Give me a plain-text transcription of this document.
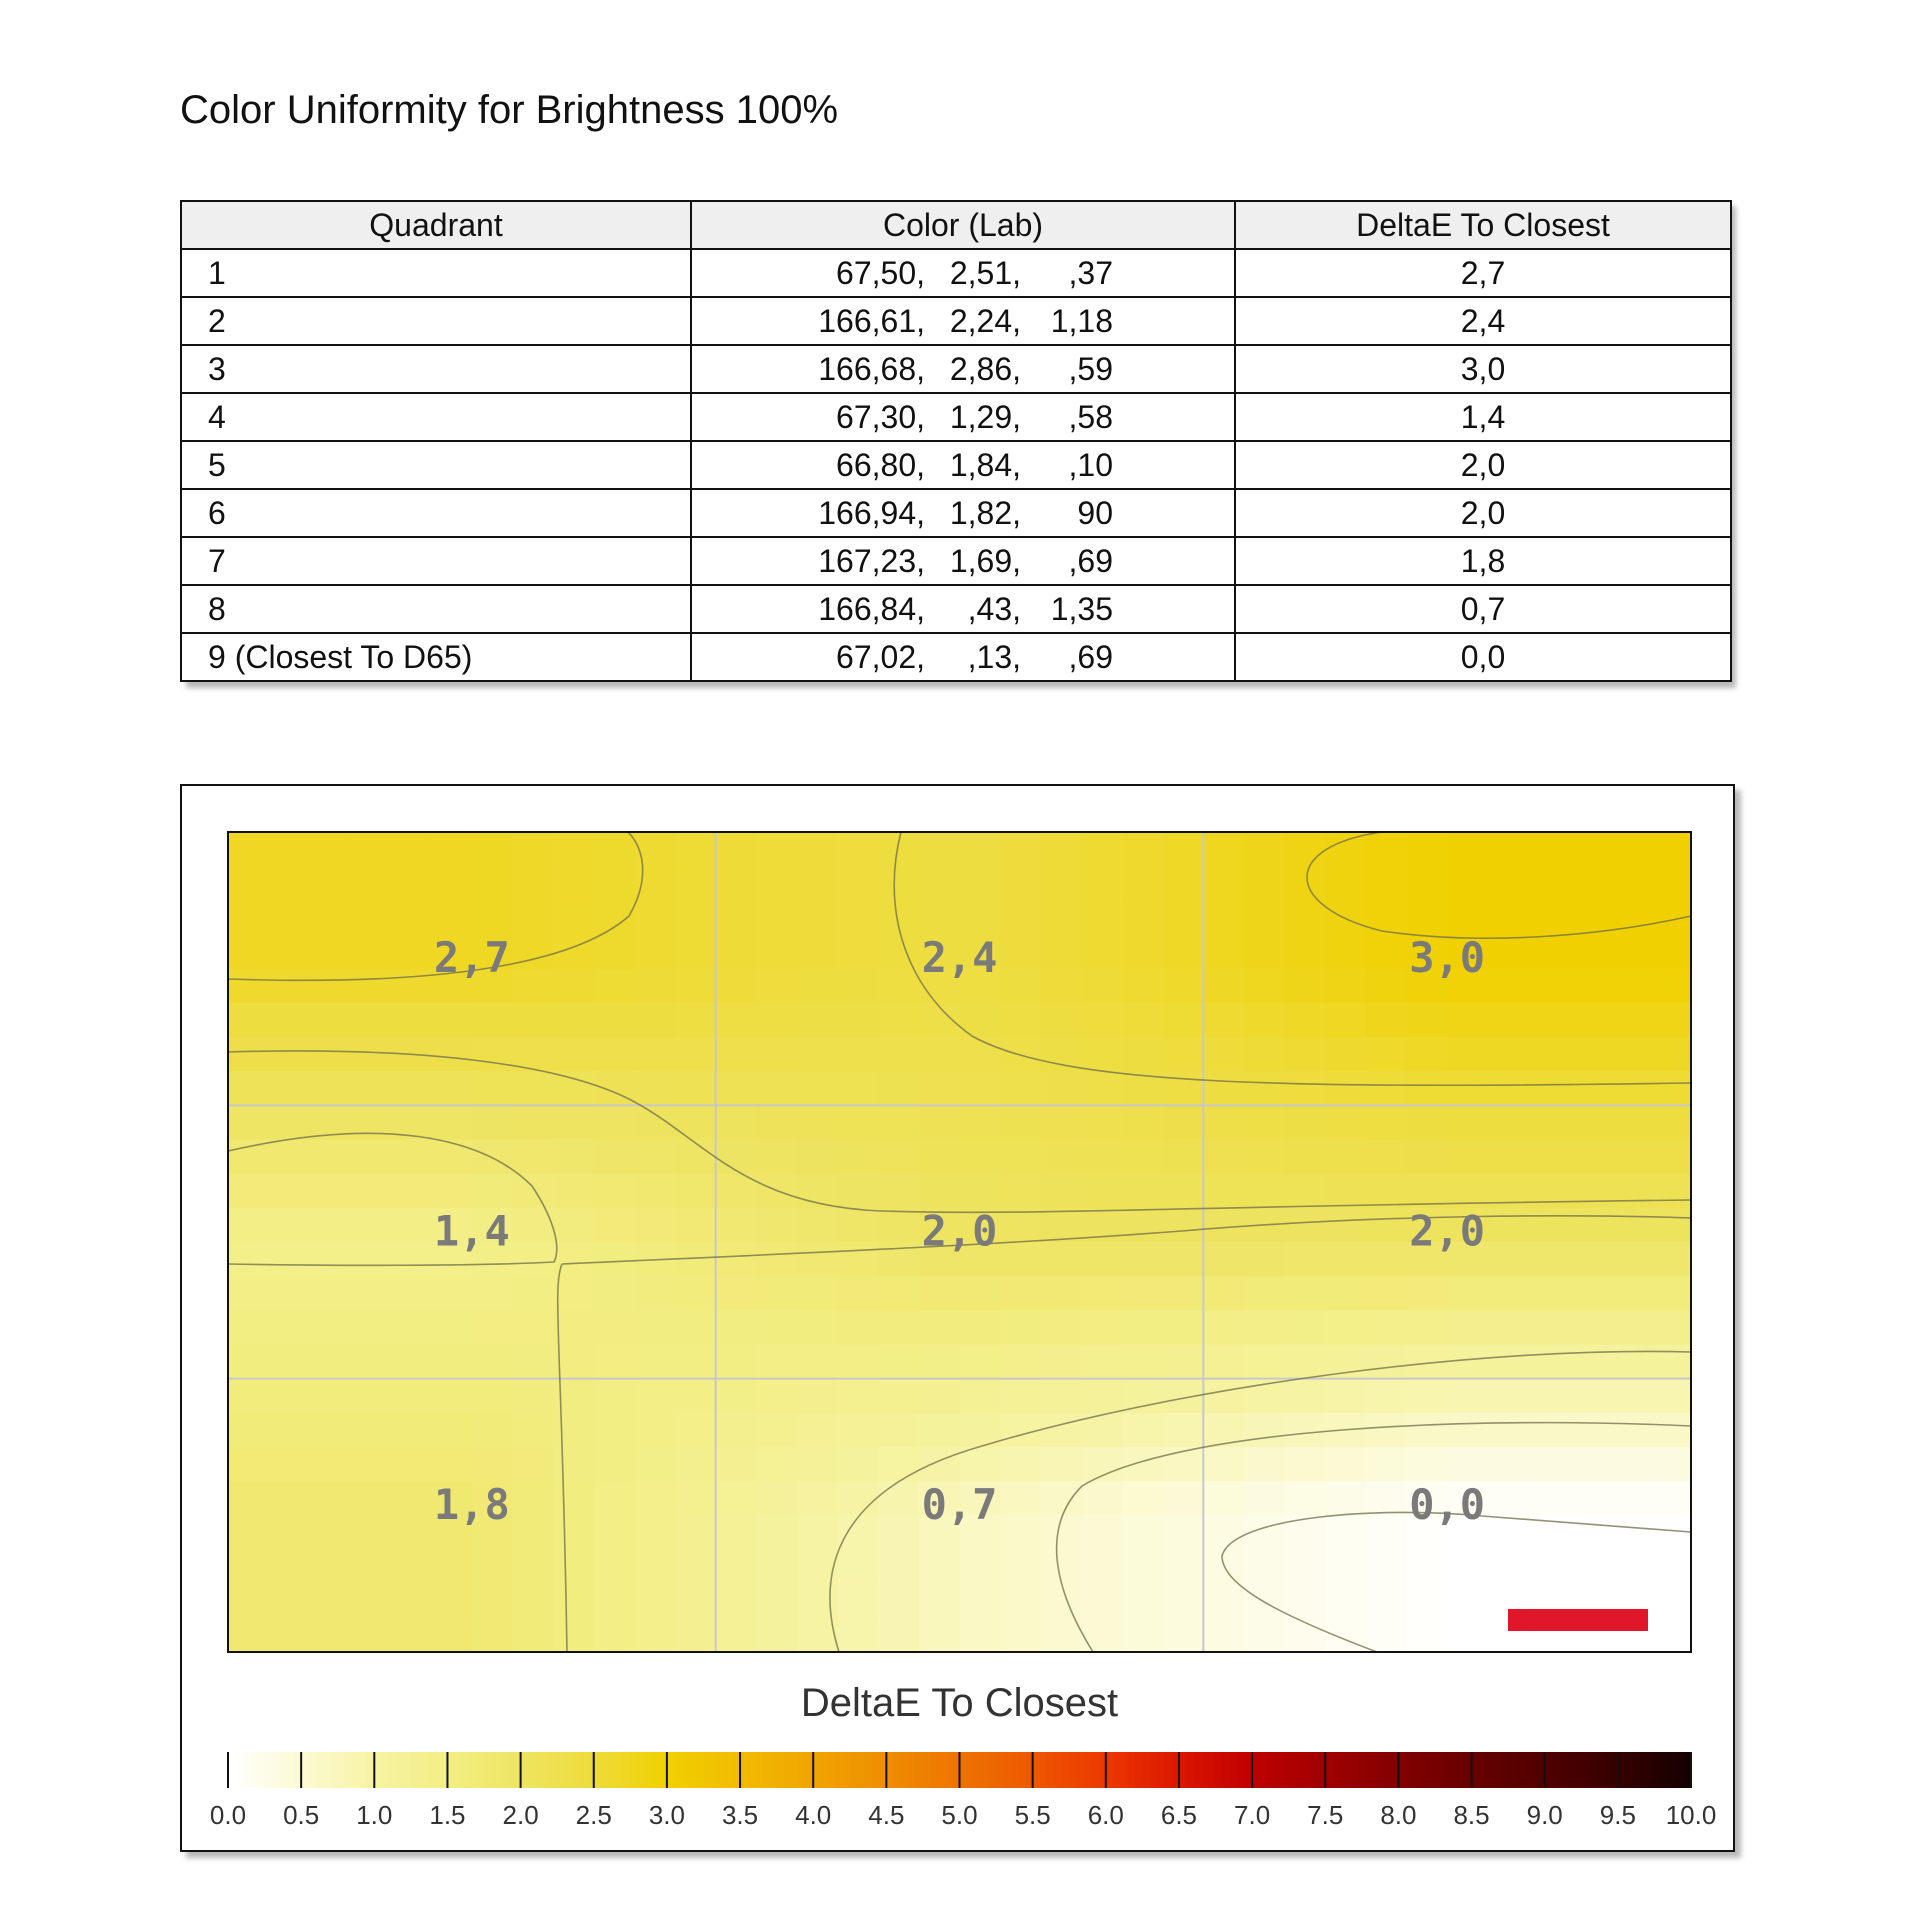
Color Uniformity for Brightness 100%
Quadrant	Color (Lab)	DeltaE To Closest
1	67,50, 2,51, ,37	2,7
2	166,61, 2,24, 1,18	2,4
3	166,68, 2,86, ,59	3,0
4	67,30, 1,29, ,58	1,4
5	66,80, 1,84, ,10	2,0
6	166,94, 1,82, 90	2,0
7	167,23, 1,69, ,69	1,8
8	166,84, ,43, 1,35	0,7
9 (Closest To D65)	67,02, ,13, ,69	0,0
2,7	2,4	3,0
1,4	2,0	2,0
1,8	0,7	0,0
DeltaE To Closest
0.0 0.5 1.0 1.5 2.0 2.5 3.0 3.5 4.0 4.5 5.0 5.5 6.0 6.5 7.0 7.5 8.0 8.5 9.0 9.5 10.0
